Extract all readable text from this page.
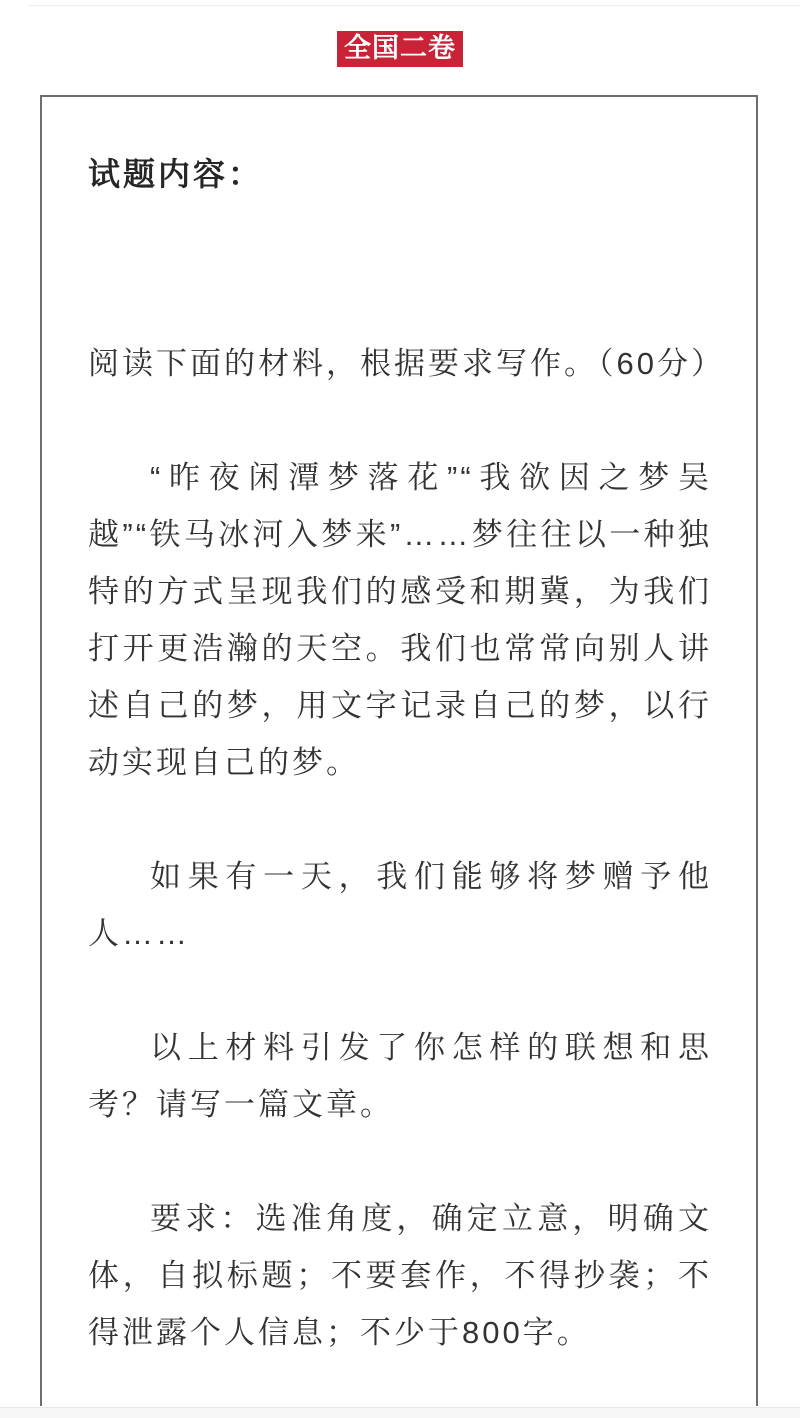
全国二卷
试题内容：

阅读下面的材料，根据要求写作。（60分）

“昨夜闲潭梦落花”“我欲因之梦吴越”“铁马冰河入梦来”……梦往往以一种独特的方式呈现我们的感受和期冀，为我们打开更浩瀚的天空。我们也常常向别人讲述自己的梦，用文字记录自己的梦，以行动实现自己的梦。

如果有一天，我们能够将梦赠予他人……

以上材料引发了你怎样的联想和思考？请写一篇文章。

要求：选准角度，确定立意，明确文体，自拟标题；不要套作，不得抄袭；不得泄露个人信息；不少于800字。
